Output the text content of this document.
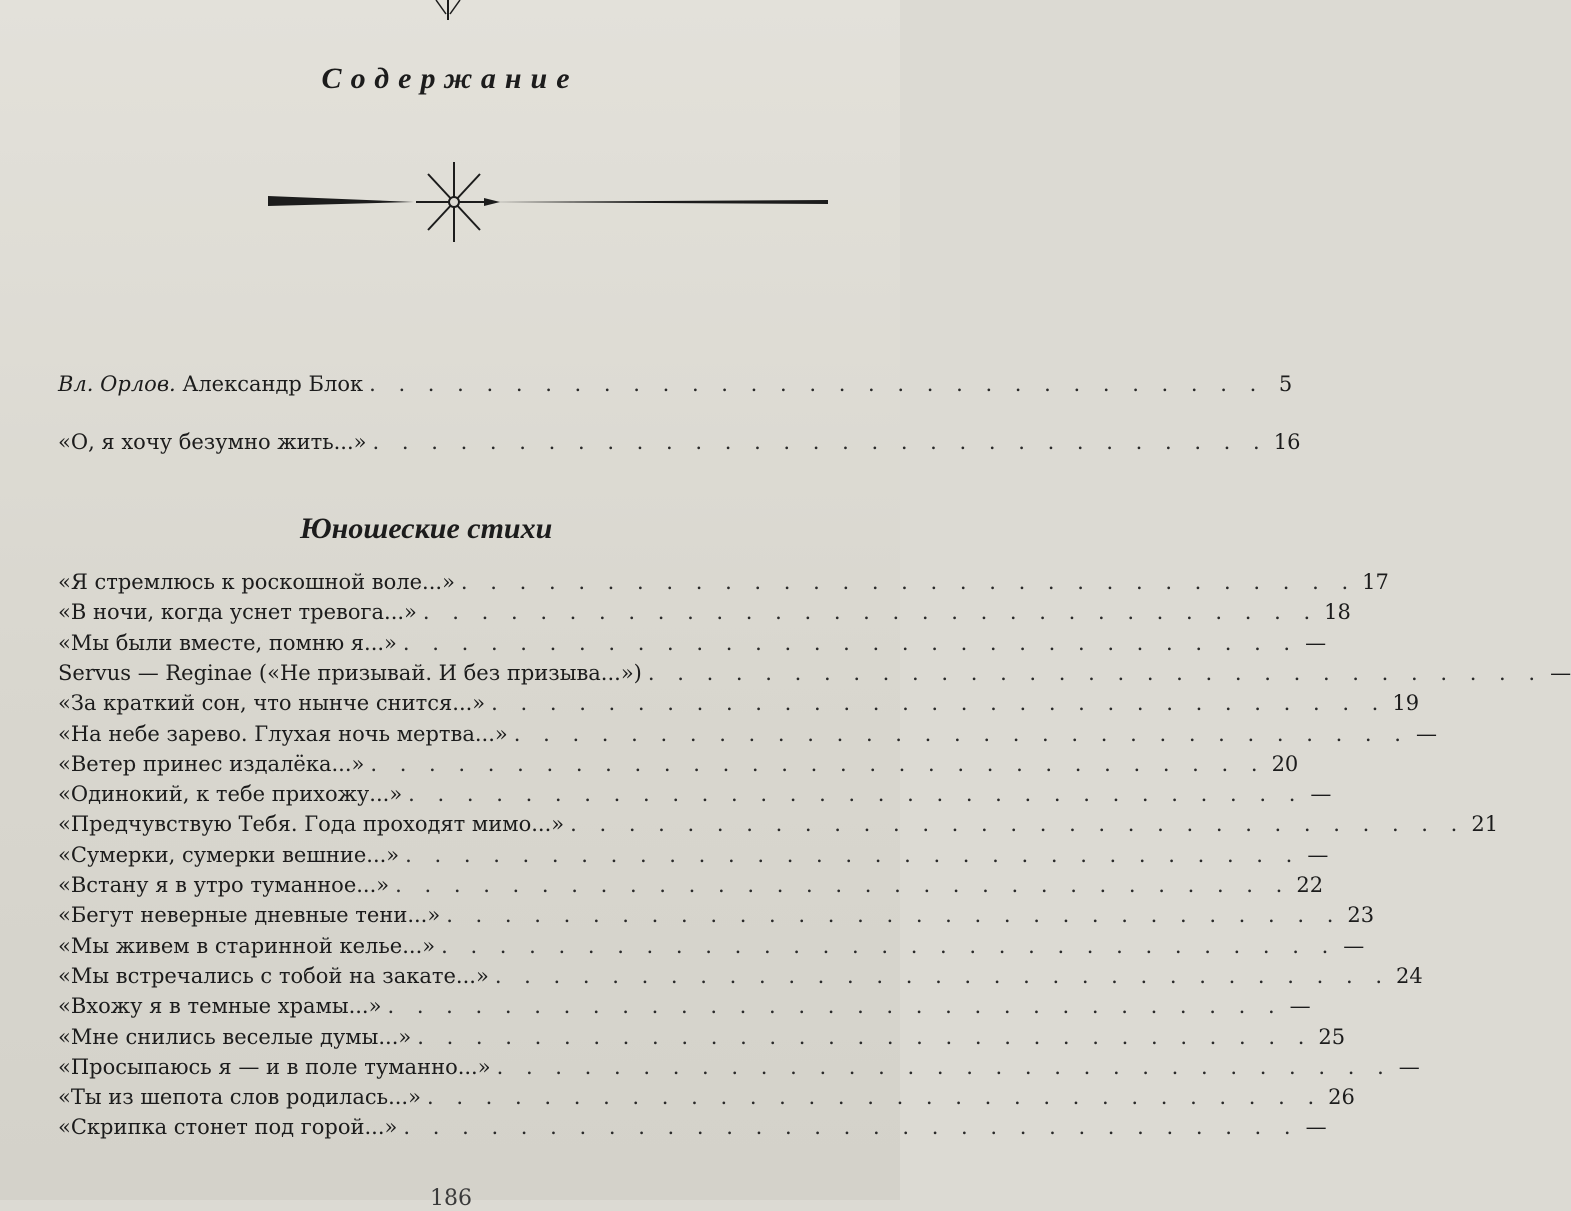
Содержание
Вл. Орлов. Александр Блок . . . . . . . . . . . . . . . . . . . . . . . . . . . . . . . 5
«О, я хочу безумно жить...» . . . . . . . . . . . . . . . . . . . . . . . . . . . . . . . 16
Юношеские стихи
«Я стремлюсь к роскошной воле...» . . . . . . . . . . . . . . . . . . . . . . . . . . . . . . . 17
«В ночи, когда уснет тревога...» . . . . . . . . . . . . . . . . . . . . . . . . . . . . . . . 18
«Мы были вместе, помню я...» . . . . . . . . . . . . . . . . . . . . . . . . . . . . . . . —
Servus — Reginae («Не призывай. И без призыва...») . . . . . . . . . . . . . . . . . . . . . . . . . . . . . . . —
«За краткий сон, что нынче снится...» . . . . . . . . . . . . . . . . . . . . . . . . . . . . . . . 19
«На небе зарево. Глухая ночь мертва...» . . . . . . . . . . . . . . . . . . . . . . . . . . . . . . . —
«Ветер принес издалёка...» . . . . . . . . . . . . . . . . . . . . . . . . . . . . . . . 20
«Одинокий, к тебе прихожу...» . . . . . . . . . . . . . . . . . . . . . . . . . . . . . . . —
«Предчувствую Тебя. Года проходят мимо...» . . . . . . . . . . . . . . . . . . . . . . . . . . . . . . . 21
«Сумерки, сумерки вешние...» . . . . . . . . . . . . . . . . . . . . . . . . . . . . . . . —
«Встану я в утро туманное...» . . . . . . . . . . . . . . . . . . . . . . . . . . . . . . . 22
«Бегут неверные дневные тени...» . . . . . . . . . . . . . . . . . . . . . . . . . . . . . . . 23
«Мы живем в старинной келье...» . . . . . . . . . . . . . . . . . . . . . . . . . . . . . . . —
«Мы встречались с тобой на закате...» . . . . . . . . . . . . . . . . . . . . . . . . . . . . . . . 24
«Вхожу я в темные храмы...» . . . . . . . . . . . . . . . . . . . . . . . . . . . . . . . —
«Мне снились веселые думы...» . . . . . . . . . . . . . . . . . . . . . . . . . . . . . . . 25
«Просыпаюсь я — и в поле туманно...» . . . . . . . . . . . . . . . . . . . . . . . . . . . . . . . —
«Ты из шепота слов родилась...» . . . . . . . . . . . . . . . . . . . . . . . . . . . . . . . 26
«Скрипка стонет под горой...» . . . . . . . . . . . . . . . . . . . . . . . . . . . . . . . —
186
